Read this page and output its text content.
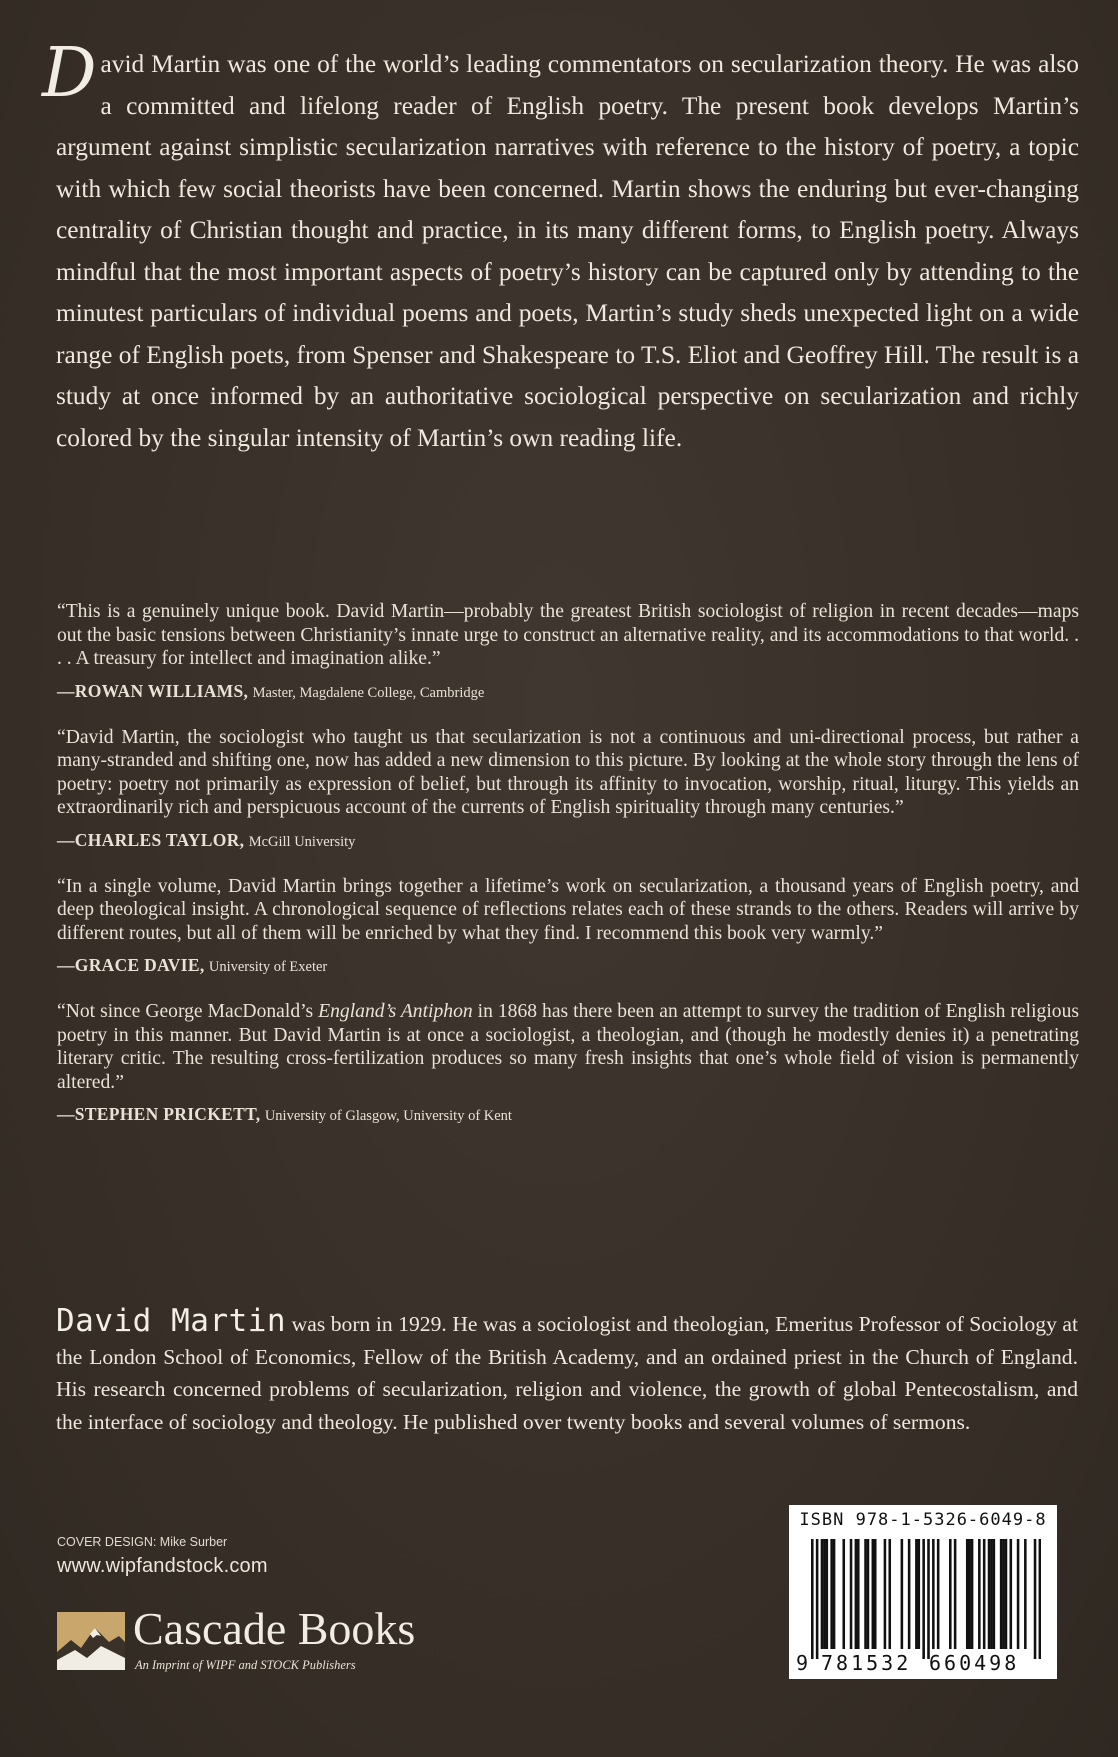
David Martin was one of the world’s leading commentators on secularization theory. He was also a committed and lifelong reader of English poetry. The present book develops Martin’s argument against simplistic secularization narratives with reference to the history of poetry, a topic with which few social theorists have been concerned. Martin shows the enduring but ever-changing centrality of Christian thought and practice, in its many different forms, to English poetry. Always mindful that the most important aspects of poetry’s history can be captured only by attending to the minutest particulars of individual poems and poets, Martin’s study sheds unexpected light on a wide range of English poets, from Spenser and Shakespeare to T.S. Eliot and Geoffrey Hill. The result is a study at once informed by an authoritative sociological perspective on secularization and richly colored by the singular intensity of Martin’s own reading life.

“This is a genuinely unique book. David Martin—probably the greatest British sociologist of religion in recent decades—maps out the basic tensions between Christianity’s innate urge to construct an alternative reality, and its accommodations to that world. . . . A treasury for intellect and imagination alike.”

—ROWAN WILLIAMS, Master, Magdalene College, Cambridge

“David Martin, the sociologist who taught us that secularization is not a continuous and uni-directional process, but rather a many-stranded and shifting one, now has added a new dimension to this picture. By looking at the whole story through the lens of poetry: poetry not primarily as expression of belief, but through its affinity to invocation, worship, ritual, liturgy. This yields an extraordinarily rich and perspicuous account of the currents of English spirituality through many centuries.”

—CHARLES TAYLOR, McGill University

“In a single volume, David Martin brings together a lifetime’s work on secularization, a thousand years of English poetry, and deep theological insight. A chronological sequence of reflections relates each of these strands to the others. Readers will arrive by different routes, but all of them will be enriched by what they find. I recommend this book very warmly.”

—GRACE DAVIE, University of Exeter

“Not since George MacDonald’s England’s Antiphon in 1868 has there been an attempt to survey the tradition of English religious poetry in this manner. But David Martin is at once a sociologist, a theologian, and (though he modestly denies it) a penetrating literary critic. The resulting cross-fertilization produces so many fresh insights that one’s whole field of vision is permanently altered.”

—STEPHEN PRICKETT, University of Glasgow, University of Kent
David Martin was born in 1929. He was a sociologist and theologian, Emeritus Professor of Sociology at the London School of Economics, Fellow of the British Academy, and an ordained priest in the Church of England. His research concerned problems of secularization, religion and violence, the growth of global Pentecostalism, and the interface of sociology and theology. He published over twenty books and several volumes of sermons.
COVER DESIGN: Mike Surber
www.wipfandstock.com
Cascade Books
An Imprint of WIPF and STOCK Publishers
ISBN 978-1-5326-6049-8
9 781532 660498
